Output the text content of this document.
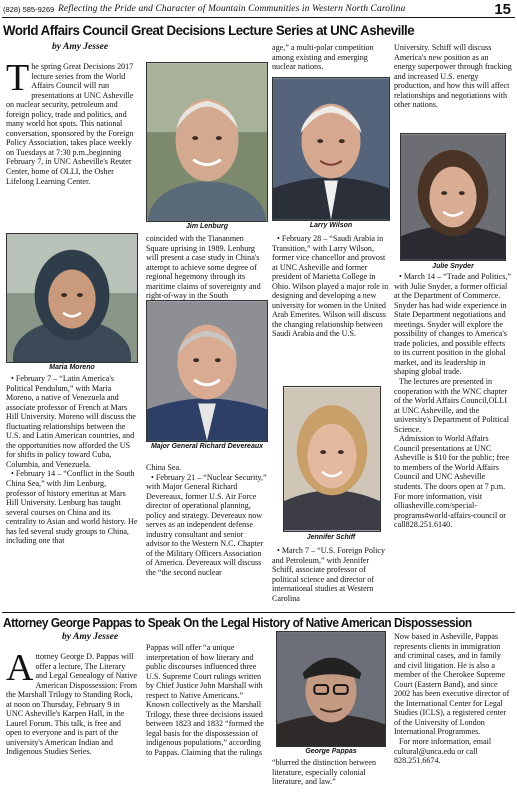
(828) 585-9269 Reflecting the Pride and Character of Mountain Communities in Western North Carolina	15
World Affairs Council Great Decisions Lecture Series at UNC Asheville
by Amy Jessee

The spring Great Decisions 2017 lecture series from the World Affairs Council will run presentations at UNC Asheville on nuclear security, petroleum and foreign policy, trade and politics, and many world hot spots. This national conversation, sponsored by the Foreign Policy Association, takes place weekly on Tuesdays at 7:30 p.m.,beginning February 7, in UNC Asheville's Reuter Center, home of OLLI, the Osher Lifelong Learning Center.

Maria Moreno

• February 7 – “Latin America's Political Pendulum,” with Maria Moreno, a native of Venezuela and associate professor of French at Mars Hill University. Moreno will discuss the fluctuating relationships between the U.S. and Latin American countries, and the opportunities now afforded the US for shifts in policy toward Cuba, Columbia, and Venezuela.

• February 14 – “Conflict in the South China Sea,” with Jim Lenburg, professor of history emeritus at Mars Hill University. Lenburg has taught several courses on China and its centrality to Asian and world history. He has led several study groups to China, including one that

Jim Lenburg

coincided with the Tiananmen Square uprising in 1989. Lenburg will present a case study in China's attempt to achieve some degree of regional hegemony through its maritime claims of sovereignty and right-of-way in the South

Major General Richard Devereaux

China Sea.

• February 21 – “Nuclear Security,” with Major General Richard Devereaux, former U.S. Air Force director of operational planning, policy and strategy. Devereaux now serves as an independent defense industry consultant and senior advisor to the Western N.C. Chapter of the Military Officers Association of America. Devereaux will discuss the “the second nuclear

age,” a multi-polar competition among existing and emerging nuclear nations.

Larry Wilson

• February 28 – “Saudi Arabia in Transition,” with Larry Wilson, former vice chancellor and provost at UNC Asheville and former president of Marietta College in Ohio. Wilson played a major role in designing and developing a new university for women in the United Arab Emerites. Wilson will discuss the changing relationship between Saudi Arabia and the U.S.

Jennifer Schiff

• March 7 – “U.S. Foreign Policy and Petroleum,” with Jennifer Schiff, associate professor of political science and director of international studies at Western Carolina

University. Schiff will discuss America's new position as an energy superpower through fracking and increased U.S. energy production, and how this will affect relationships and negotiations with other nations.

Julie Snyder

• March 14 – “Trade and Politics,” with Julie Snyder, a former official at the Department of Commerce. Snyder has had wide experience in State Department negotiations and meetings. Snyder will explore the possibility of changes to America's trade policies, and possible effects to its current position in the global market, and its leadership in shaping global trade.

The lectures are presented in cooperation with the WNC chapter of the World Affairs Council,OLLI at UNC Asheville, and the university's Department of Political Science.

Admission to World Affairs Council presentations at UNC Asheville is $10 for the public; free to members of the World Affairs Council and UNC Asheville students. The doors open at 7 p.m. For more information, visit olliasheville.com/special-programs#world-affairs-council or call828.251.6140.

Attorney George Pappas to Speak On the Legal History of Native American Dispossession
by Amy Jessee

Attorney George D. Pappas will offer a lecture, The Literary and Legal Genealogy of Native American Dispossession: From the Marshall Trilogy to Standing Rock, at noon on Thursday, February 9 in UNC Asheville's Karpen Hall, in the Laurel Forum. This talk, is free and open to everyone and is part of the university's American Indian and Indigenous Studies Series.

Pappas will offer “a unique interpretation of how literary and public discourses influenced three U.S. Supreme Court rulings written by Chief Justice John Marshall with respect to Native Americans.” Known collectively as the Marshall Trilogy, these three decisions issued between 1823 and 1832 “formed the legal basis for the dispossession of indigenous populations,” according to Pappas. Claiming that the rulings	George Pappas

“blurred the distinction between literature, especially colonial literature, and law.”

Now based in Asheville, Pappas represents clients in immigration and criminal cases, and in family and civil litigation. He is also a member of the Cherokee Supreme Court (Eastern Band), and since 2002 has been executive director of the International Center for Legal Studies (ICLS), a registered center of the University of London International Programmes.

For more information, email cultural@unca.edu or call 828.251.6674.
